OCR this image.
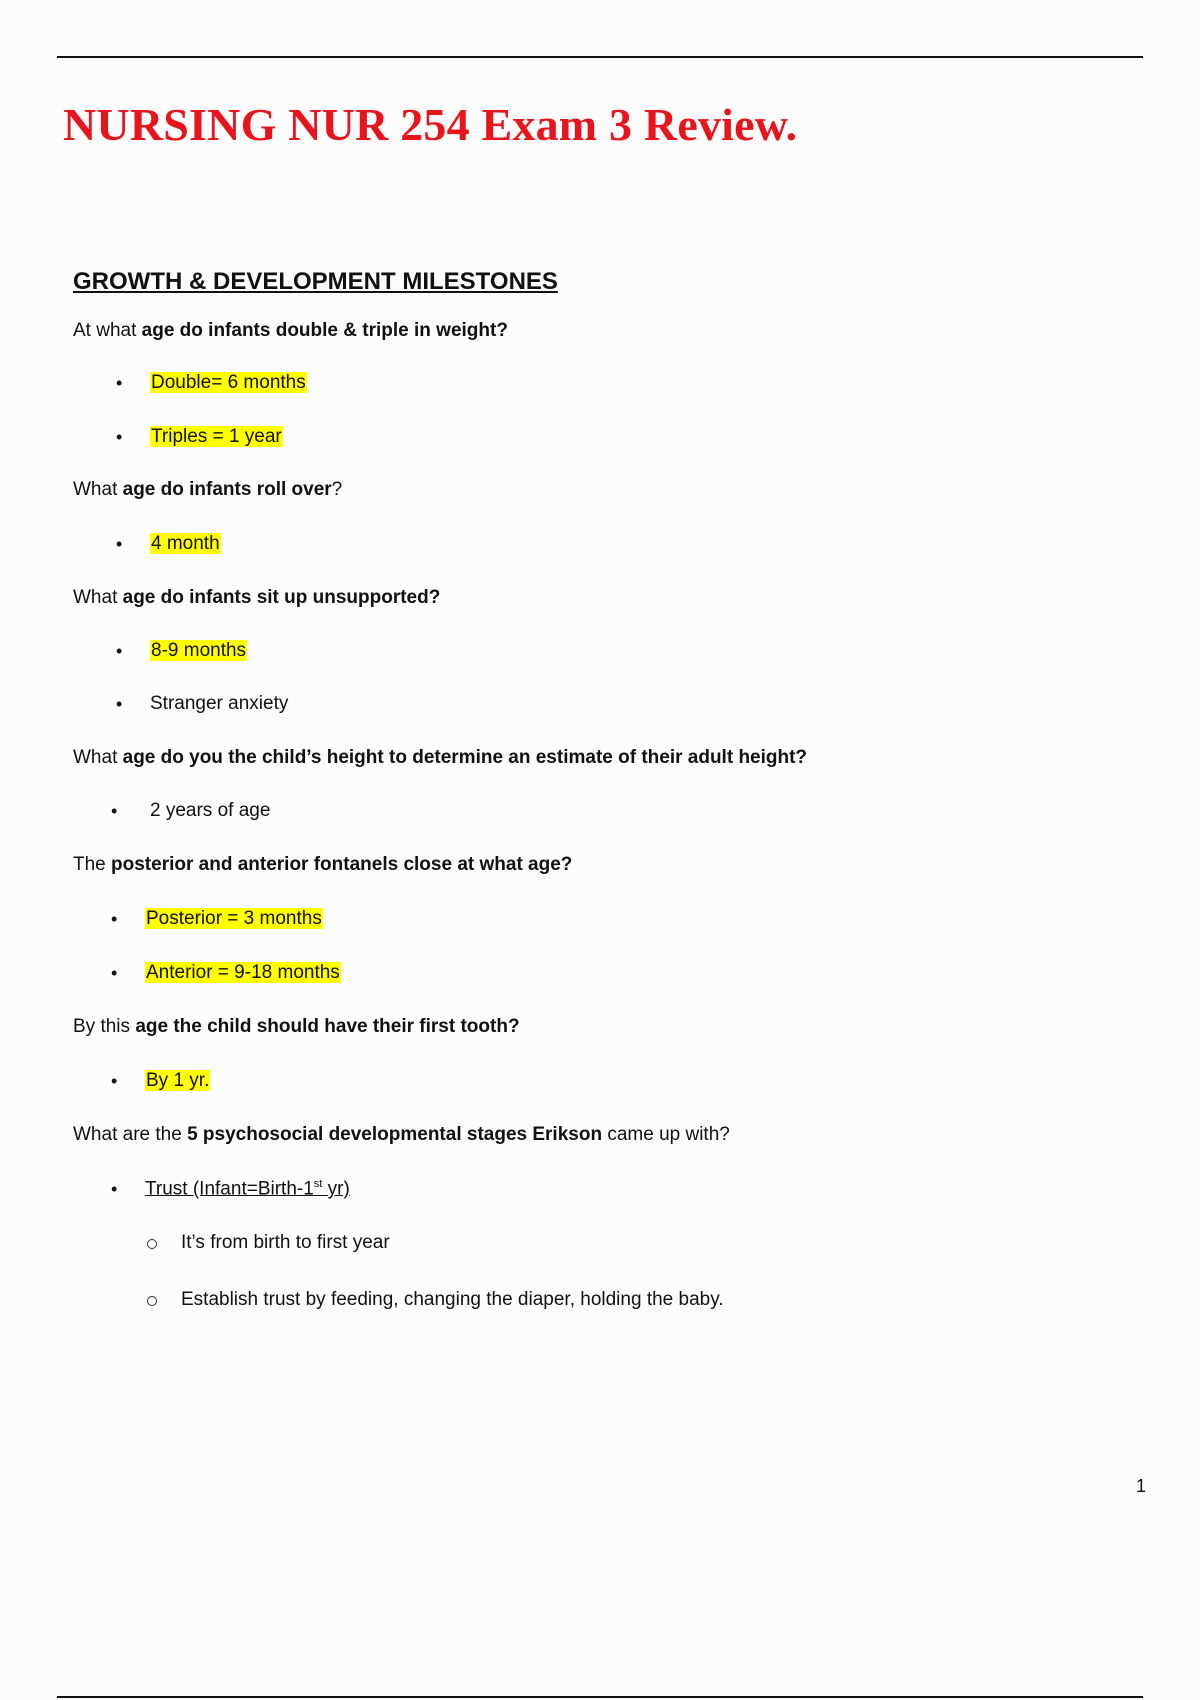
NURSING NUR 254 Exam 3 Review.
GROWTH & DEVELOPMENT MILESTONES

At what age do infants double & triple in weight?

• Double= 6 months

• Triples = 1 year

What age do infants roll over?

• 4 month

What age do infants sit up unsupported?

• 8-9 months

• Stranger anxiety

What age do you the child’s height to determine an estimate of their adult height?

• 2 years of age

The posterior and anterior fontanels close at what age?

• Posterior = 3 months

• Anterior = 9-18 months

By this age the child should have their first tooth?

• By 1 yr.

What are the 5 psychosocial developmental stages Erikson came up with?

• Trust (Infant=Birth-1st yr)

It’s from birth to first year

Establish trust by feeding, changing the diaper, holding the baby.

1
